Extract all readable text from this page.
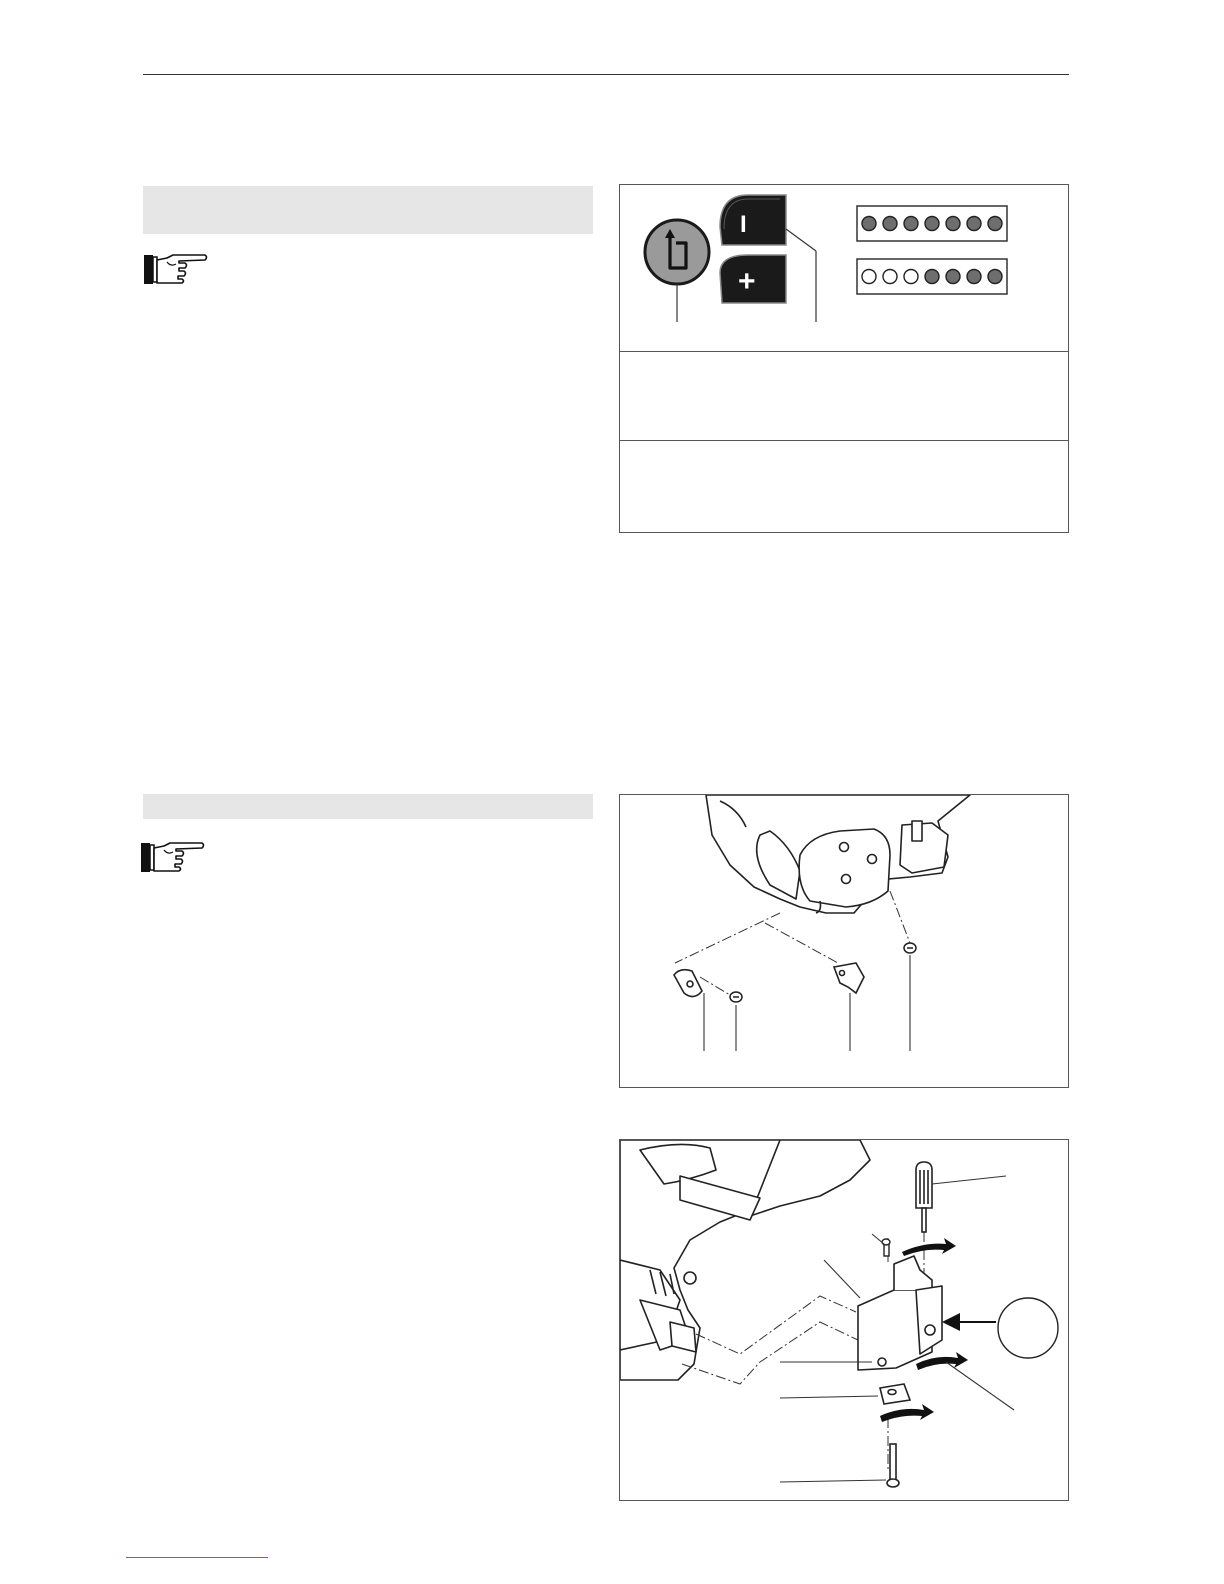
I
+
